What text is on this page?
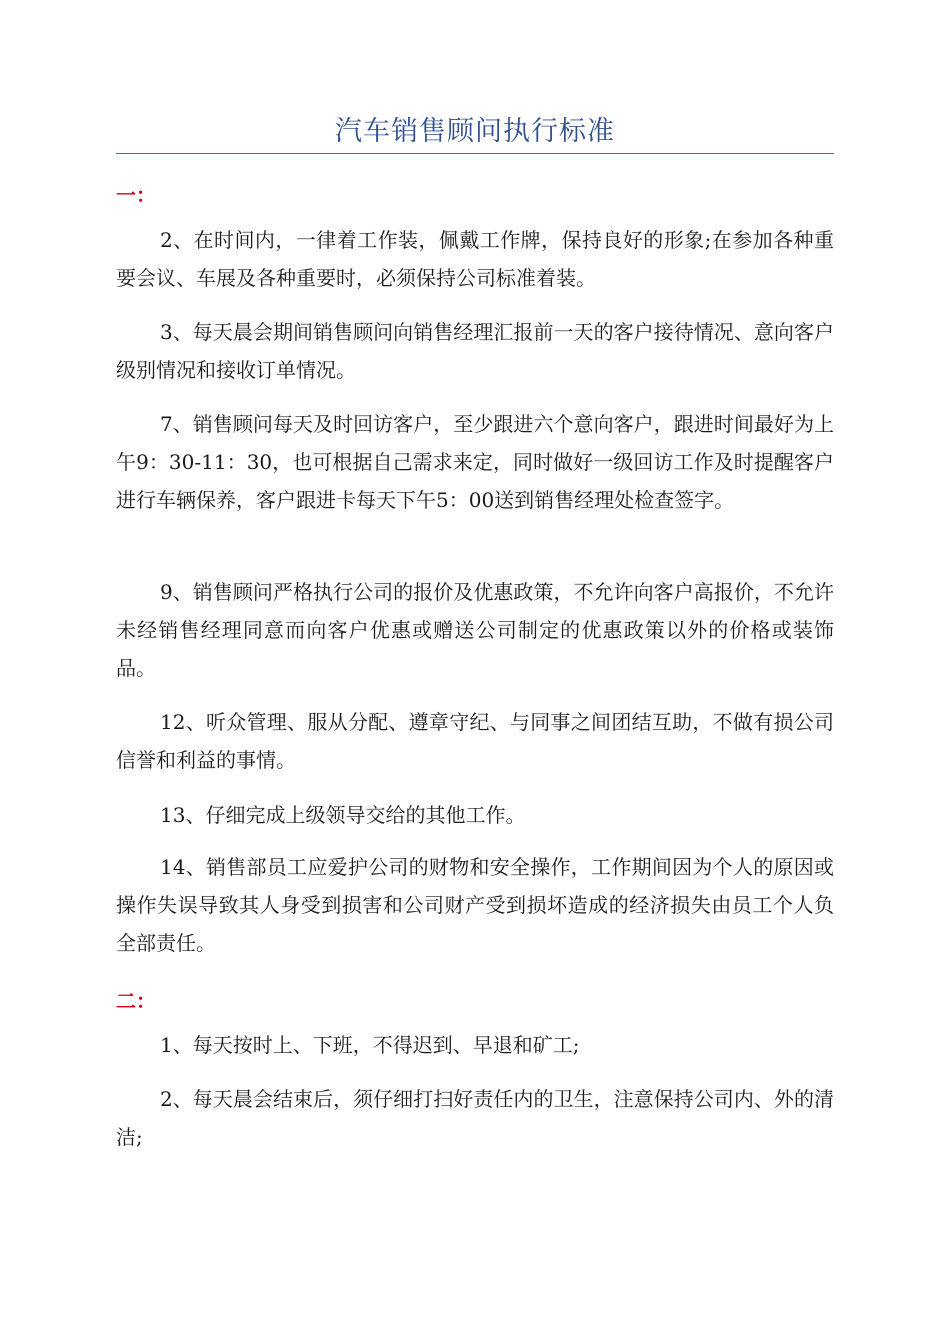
汽车销售顾问执行标准
一：

2、在时间内，一律着工作装，佩戴工作牌，保持良好的形象;在参加各种重要会议、车展及各种重要时，必须保持公司标准着装。

3、每天晨会期间销售顾问向销售经理汇报前一天的客户接待情况、意向客户级别情况和接收订单情况。

7、销售顾问每天及时回访客户，至少跟进六个意向客户，跟进时间最好为上午9：30-11：30，也可根据自己需求来定，同时做好一级回访工作及时提醒客户进行车辆保养，客户跟进卡每天下午5：00送到销售经理处检查签字。

9、销售顾问严格执行公司的报价及优惠政策，不允许向客户高报价，不允许未经销售经理同意而向客户优惠或赠送公司制定的优惠政策以外的价格或装饰品。

12、听众管理、服从分配、遵章守纪、与同事之间团结互助，不做有损公司信誉和利益的事情。

13、仔细完成上级领导交给的其他工作。

14、销售部员工应爱护公司的财物和安全操作，工作期间因为个人的原因或操作失误导致其人身受到损害和公司财产受到损坏造成的经济损失由员工个人负全部责任。

二：

1、每天按时上、下班，不得迟到、早退和矿工;

2、每天晨会结束后，须仔细打扫好责任内的卫生，注意保持公司内、外的清洁;
